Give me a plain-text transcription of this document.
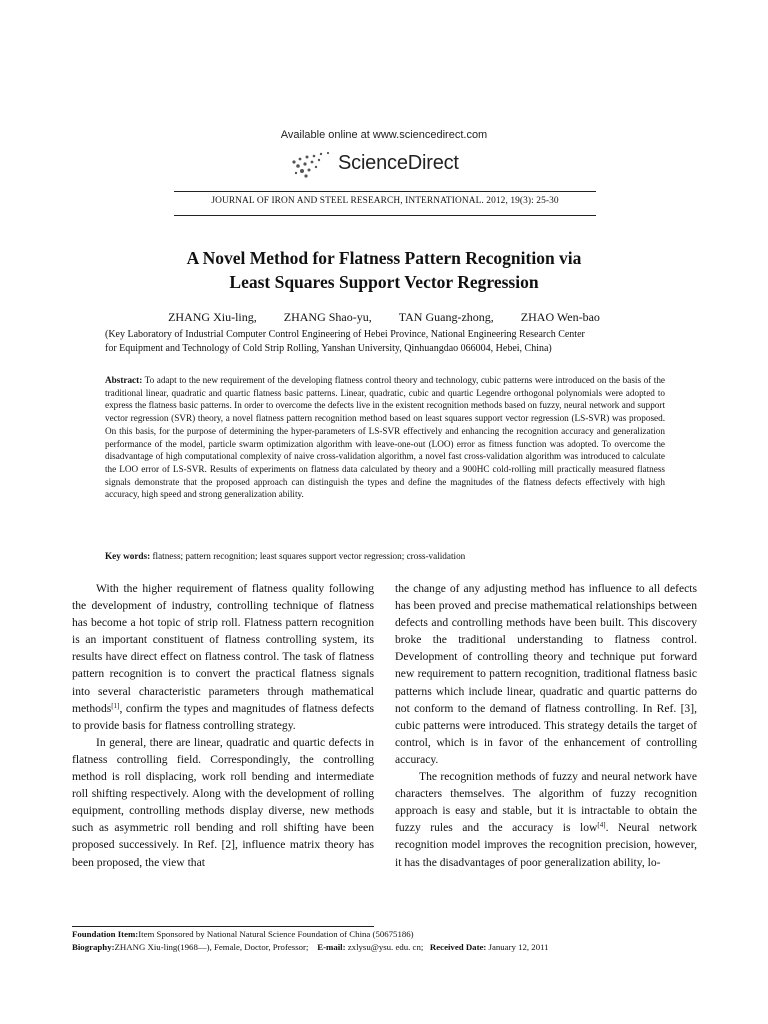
Available online at www.sciencedirect.com
ScienceDirect
JOURNAL OF IRON AND STEEL RESEARCH, INTERNATIONAL. 2012, 19(3): 25-30
A Novel Method for Flatness Pattern Recognition via
Least Squares Support Vector Regression
ZHANG Xiu-ling, ZHANG Shao-yu, TAN Guang-zhong, ZHAO Wen-bao
(Key Laboratory of Industrial Computer Control Engineering of Hebei Province, National Engineering Research Center
for Equipment and Technology of Cold Strip Rolling, Yanshan University, Qinhuangdao 066004, Hebei, China)
Abstract: To adapt to the new requirement of the developing flatness control theory and technology, cubic patterns were introduced on the basis of the traditional linear, quadratic and quartic flatness basic patterns. Linear, quadratic, cubic and quartic Legendre orthogonal polynomials were adopted to express the flatness basic patterns. In order to overcome the defects live in the existent recognition methods based on fuzzy, neural network and support vector regression (SVR) theory, a novel flatness pattern recognition method based on least squares support vector regression (LS-SVR) was proposed. On this basis, for the purpose of determining the hyper-parameters of LS-SVR effectively and enhancing the recognition accuracy and generalization performance of the model, particle swarm optimization algorithm with leave-one-out (LOO) error as fitness function was adopted. To overcome the disadvantage of high computational complexity of naive cross-validation algorithm, a novel fast cross-validation algorithm was introduced to calculate the LOO error of LS-SVR. Results of experiments on flatness data calculated by theory and a 900HC cold-rolling mill practically measured flatness signals demonstrate that the proposed approach can distinguish the types and define the magnitudes of the flatness defects effectively with high accuracy, high speed and strong generalization ability.
Key words: flatness; pattern recognition; least squares support vector regression; cross-validation

With the higher requirement of flatness quality following the development of industry, controlling technique of flatness has become a hot topic of strip roll. Flatness pattern recognition is an important constituent of flatness controlling system, its results have direct effect on flatness control. The task of flatness pattern recognition is to convert the practical flatness signals into several characteristic parameters through mathematical methods[1], confirm the types and magnitudes of flatness defects to provide basis for flatness controlling strategy.

In general, there are linear, quadratic and quartic defects in flatness controlling field. Correspondingly, the controlling method is roll displacing, work roll bending and intermediate roll shifting respectively. Along with the development of rolling equipment, controlling methods display diverse, new methods such as asymmetric roll bending and roll shifting have been proposed successively. In Ref. [2], influence matrix theory has been proposed, the view that

the change of any adjusting method has influence to all defects has been proved and precise mathematical relationships between defects and controlling methods have been built. This discovery broke the traditional understanding to flatness control. Development of controlling theory and technique put forward new requirement to pattern recognition, traditional flatness basic patterns which include linear, quadratic and quartic patterns do not conform to the demand of flatness controlling. In Ref. [3], cubic patterns were introduced. This strategy details the target of control, which is in favor of the enhancement of controlling accuracy.

The recognition methods of fuzzy and neural network have characters themselves. The algorithm of fuzzy recognition approach is easy and stable, but it is intractable to obtain the fuzzy rules and the accuracy is low[4]. Neural network recognition model improves the recognition precision, however, it has the disadvantages of poor generalization ability, lo-

Foundation Item:Item Sponsored by National Natural Science Foundation of China (50675186)
Biography:ZHANG Xiu-ling(1968—), Female, Doctor, Professor; E-mail: zxlysu@ysu. edu. cn; Received Date: January 12, 2011
